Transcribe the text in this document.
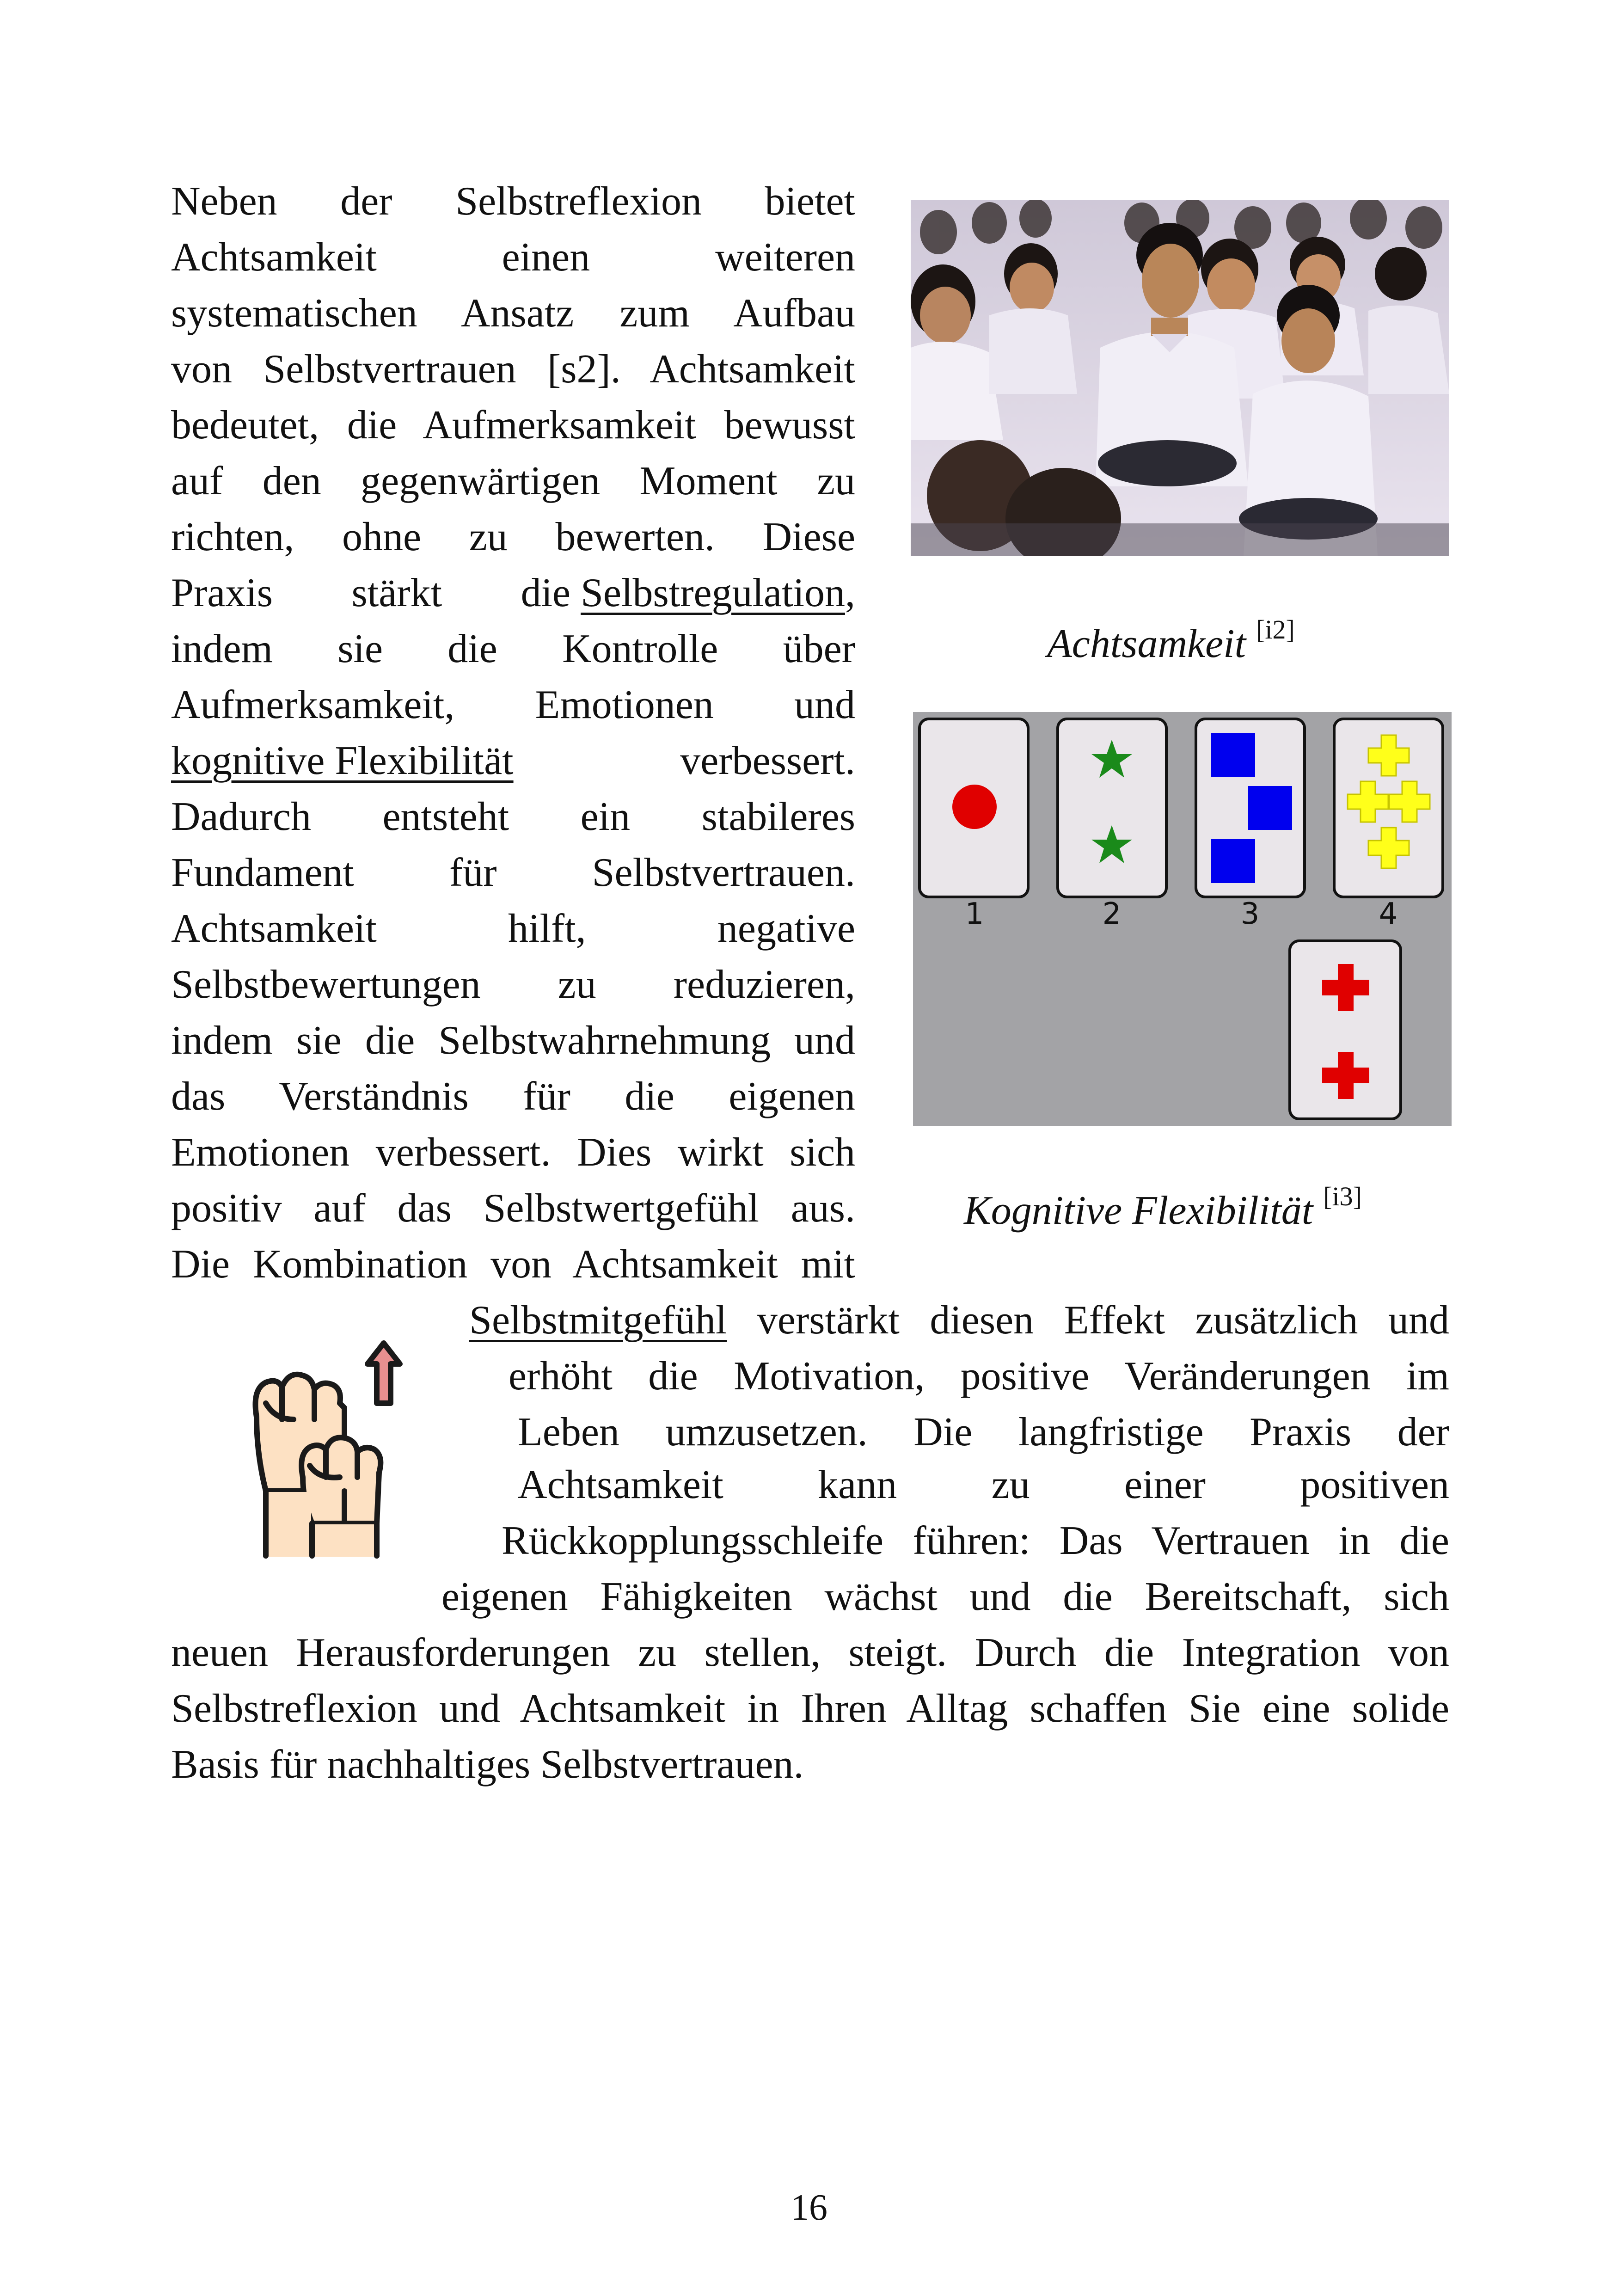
Neben der Selbstreflexion bietet
Achtsamkeit einen weiteren
systematischen Ansatz zum Aufbau
von Selbstvertrauen [s2]. Achtsamkeit
bedeutet, die Aufmerksamkeit bewusst
auf den gegenwärtigen Moment zu
richten, ohne zu bewerten. Diese
Praxis stärkt die Selbstregulation ,
indem sie die Kontrolle über
Aufmerksamkeit, Emotionen und
kognitive Flexibilität	verbessert.
Dadurch entsteht ein stabileres
Fundament für Selbstvertrauen.
Achtsamkeit hilft, negative
Selbstbewertungen zu reduzieren,
indem sie die Selbstwahrnehmung und
das Verständnis für die eigenen
Emotionen verbessert. Dies wirkt sich
positiv auf das Selbstwertgefühl aus.
Die Kombination von Achtsamkeit mit
Selbstmitgefühl verstärkt diesen Effekt zusätzlich und
erhöht die Motivation, positive Veränderungen im
Leben umzusetzen. Die langfristige Praxis der
Achtsamkeit kann zu einer positiven
Rückkopplungsschleife führen: Das Vertrauen in die
eigenen Fähigkeiten wächst und die Bereitschaft, sich
neuen Herausforderungen zu stellen, steigt. Durch die Integration von
Selbstreflexion und Achtsamkeit in Ihren Alltag schaffen Sie eine solide
Basis für nachhaltiges Selbstvertrauen.
Achtsamkeit [i2]
1	2	3	4
Kognitive Flexibilität [i3]
16
